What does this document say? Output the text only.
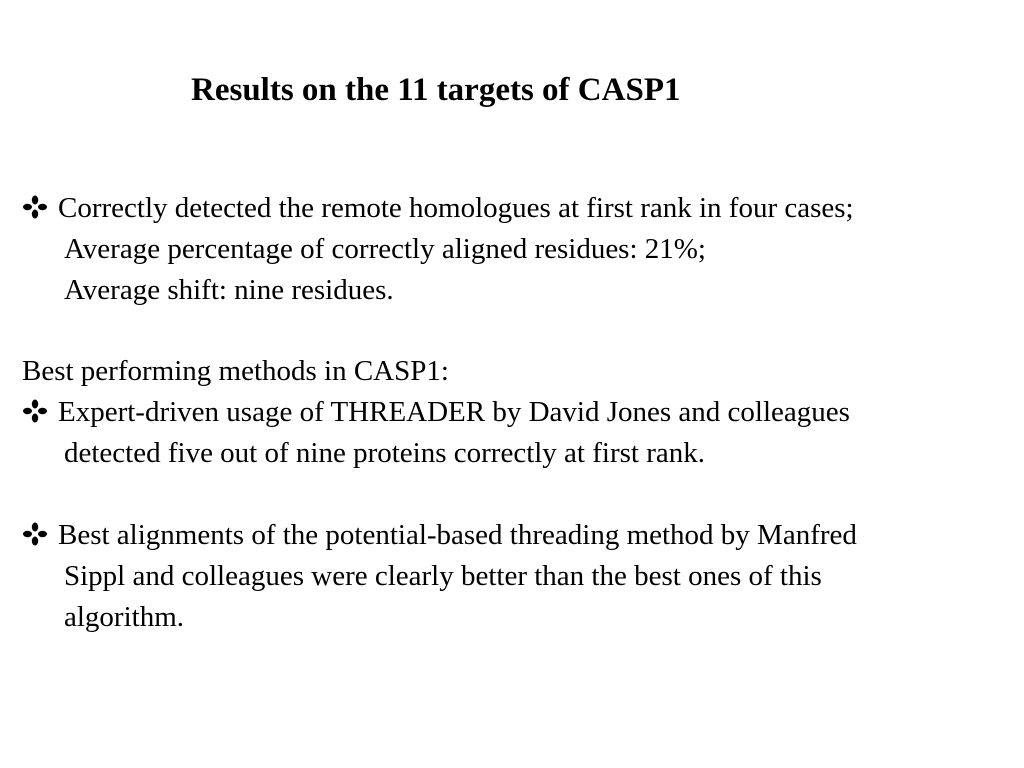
Results on the 11 targets of CASP1
Correctly detected the remote homologues at first rank in four cases;
Average percentage of correctly aligned residues: 21%;
Average shift: nine residues.
Best performing methods in CASP1:
Expert-driven usage of THREADER by David Jones and colleagues
detected five out of nine proteins correctly at first rank.
Best alignments of the potential-based threading method by Manfred
Sippl and colleagues were clearly better than the best ones of this
algorithm.
